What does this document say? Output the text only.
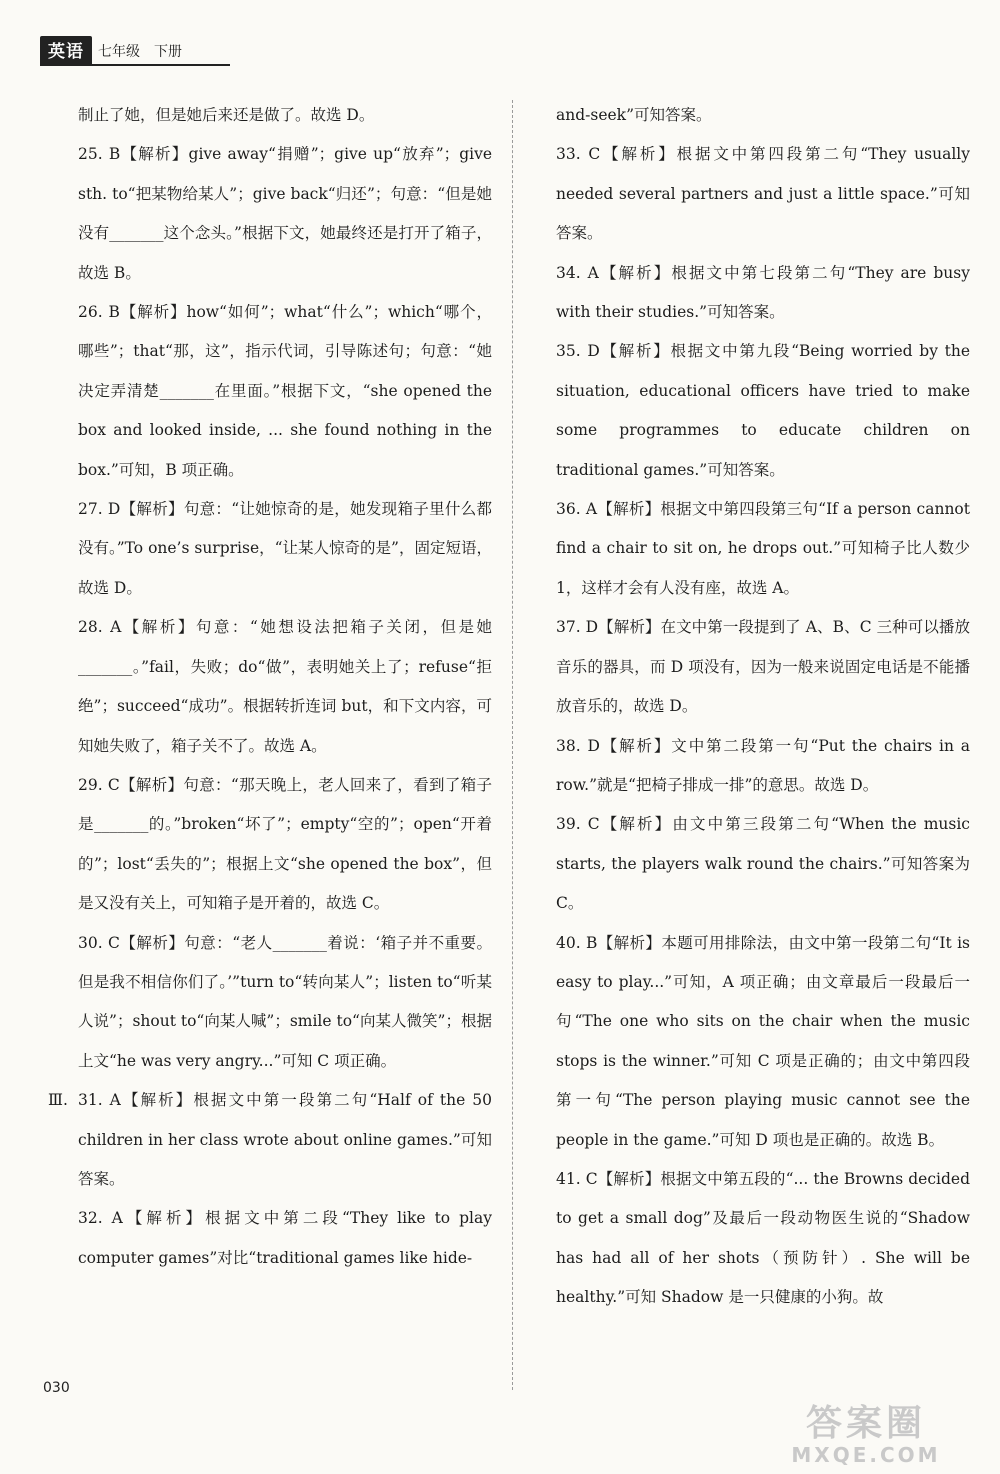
英语	七年级　下册

制止了她，但是她后来还是做了。故选 D。

25. B【解析】give away“捐赠”；give up“放弃”；give sth. to“把某物给某人”；give back“归还”；句意：“但是她没有_______这个念头。”根据下文，她最终还是打开了箱子，故选 B。

26. B【解析】how“如何”；what“什么”；which“哪个，哪些”；that“那，这”，指示代词，引导陈述句；句意：“她决定弄清楚_______在里面。”根据下文，“she opened the box and looked inside, ... she found nothing in the box.”可知，B 项正确。

27. D【解析】句意：“让她惊奇的是，她发现箱子里什么都没有。”To one’s surprise，“让某人惊奇的是”，固定短语，故选 D。

28. A【解析】句意：“她想设法把箱子关闭，但是她_______。”fail，失败；do“做”，表明她关上了；refuse“拒绝”；succeed“成功”。根据转折连词 but，和下文内容，可知她失败了，箱子关不了。故选 A。

29. C【解析】句意：“那天晚上，老人回来了，看到了箱子是_______的。”broken“坏了”；empty“空的”；open“开着的”；lost“丢失的”；根据上文“she opened the box”，但是又没有关上，可知箱子是开着的，故选 C。

30. C【解析】句意：“老人_______着说：‘箱子并不重要。但是我不相信你们了。’”turn to“转向某人”；listen to“听某人说”；shout to“向某人喊”；smile to“向某人微笑”；根据上文“he was very angry...”可知 C 项正确。

Ⅲ. 31. A【解析】根据文中第一段第二句“Half of the 50 children in her class wrote about online games.”可知答案。

32. A【解析】根据文中第二段“They like to play computer games”对比“traditional games like hide-

and-seek”可知答案。

33. C【解析】根据文中第四段第二句“They usually needed several partners and just a little space.”可知答案。

34. A【解析】根据文中第七段第二句“They are busy with their studies.”可知答案。

35. D【解析】根据文中第九段“Being worried by the situation, educational officers have tried to make some programmes to educate children on traditional games.”可知答案。

36. A【解析】根据文中第四段第三句“If a person cannot find a chair to sit on, he drops out.”可知椅子比人数少 1，这样才会有人没有座，故选 A。

37. D【解析】在文中第一段提到了 A、B、C 三种可以播放音乐的器具，而 D 项没有，因为一般来说固定电话是不能播放音乐的，故选 D。

38. D【解析】文中第二段第一句“Put the chairs in a row.”就是“把椅子排成一排”的意思。故选 D。

39. C【解析】由文中第三段第二句“When the music starts, the players walk round the chairs.”可知答案为 C。

40. B【解析】本题可用排除法，由文中第一段第二句“It is easy to play...”可知，A 项正确；由文章最后一段最后一句“The one who sits on the chair when the music stops is the winner.”可知 C 项是正确的；由文中第四段第一句“The person playing music cannot see the people in the game.”可知 D 项也是正确的。故选 B。

41. C【解析】根据文中第五段的“... the Browns decided to get a small dog”及最后一段动物医生说的“Shadow has had all of her shots（预防针）. She will be healthy.”可知 Shadow 是一只健康的小狗。故

030
答案圈
MXQE.COM
